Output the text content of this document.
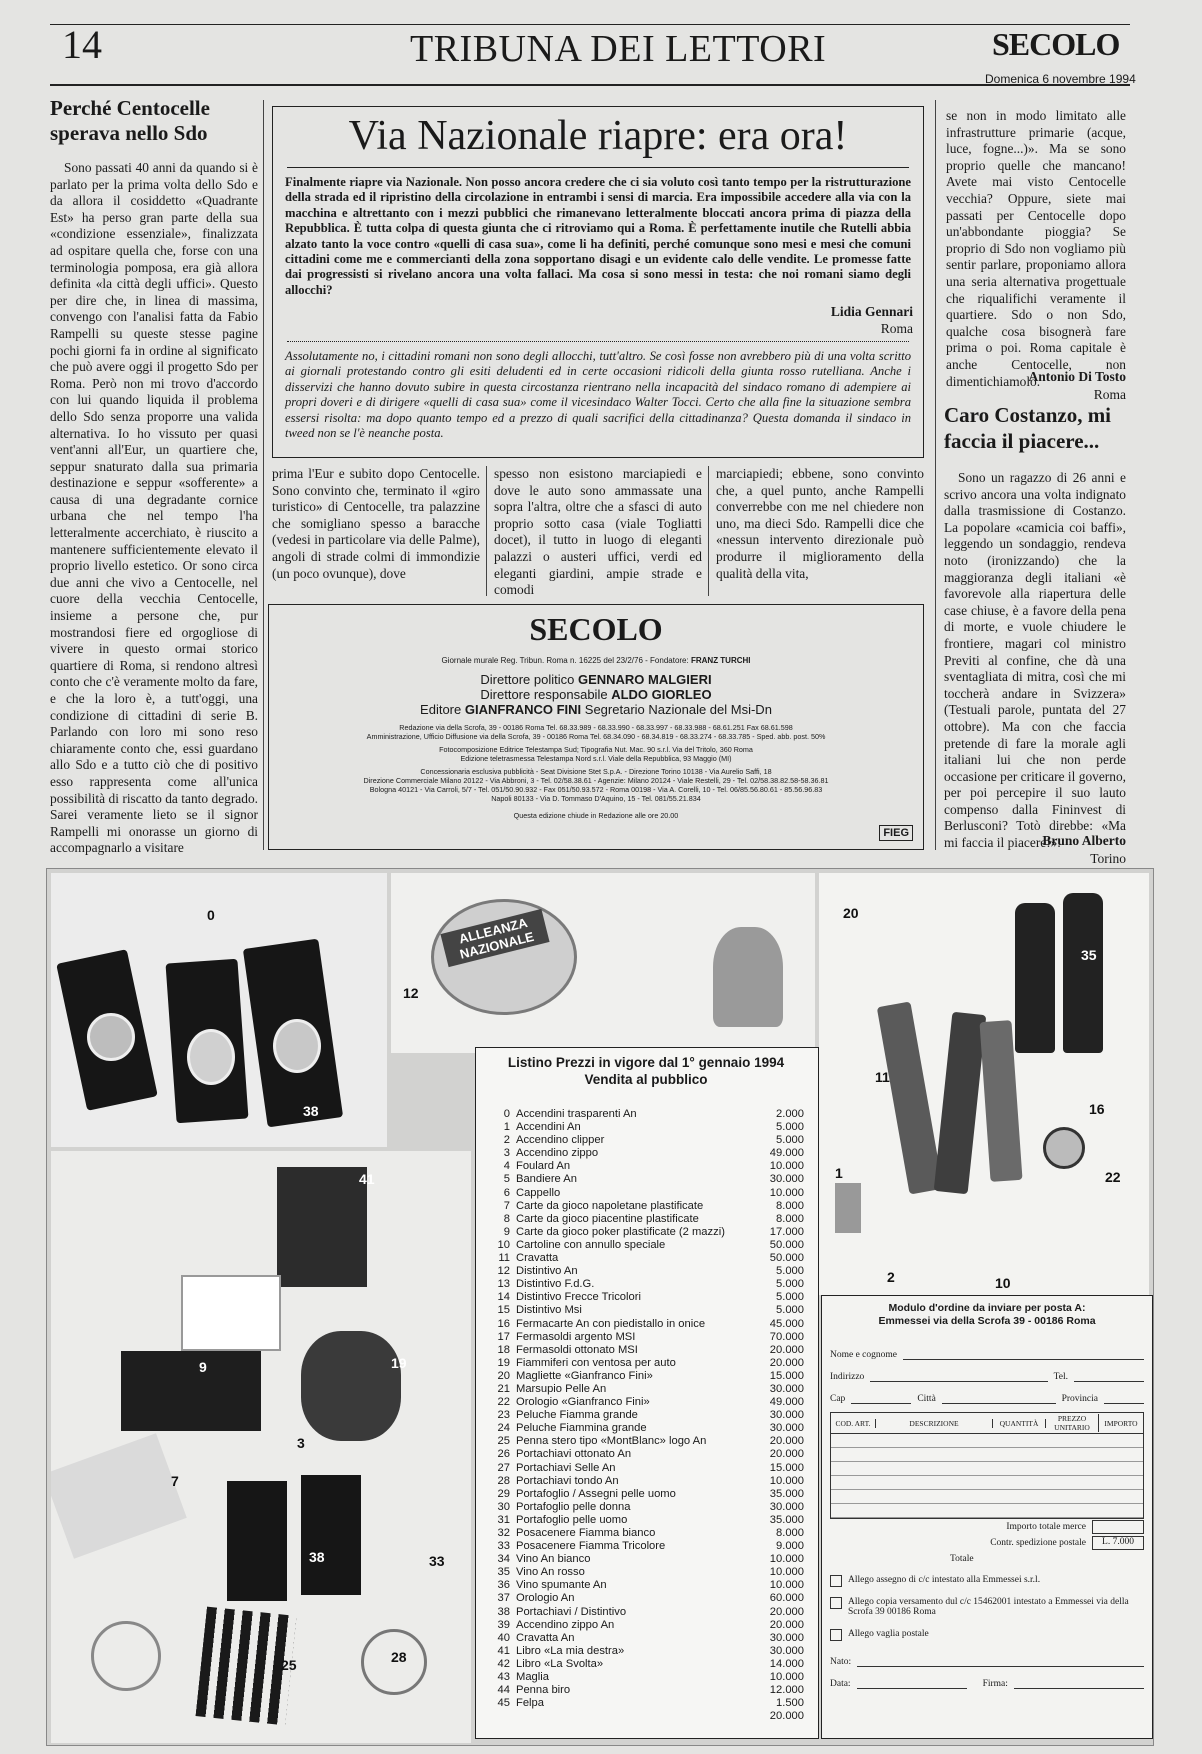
14	TRIBUNA DEI LETTORI	SECOLO
Domenica 6 novembre 1994
Perché Centocelle sperava nello Sdo

Sono passati 40 anni da quando si è parlato per la prima volta dello Sdo e da allora il cosiddetto «Quadrante Est» ha perso gran parte della sua «condizione essenziale», finalizzata ad ospitare quella che, forse con una terminologia pomposa, era già allora definita «la città degli uffici». Questo per dire che, in linea di massima, convengo con l'analisi fatta da Fabio Rampelli su queste stesse pagine pochi giorni fa in ordine al significato che può avere oggi il progetto Sdo per Roma. Però non mi trovo d'accordo con lui quando liquida il problema dello Sdo senza proporre una valida alternativa. Io ho vissuto per quasi vent'anni all'Eur, un quartiere che, seppur snaturato dalla sua primaria destinazione e seppur «sofferente» a causa di una degradante cornice urbana che nel tempo l'ha letteralmente accerchiato, è riuscito a mantenere sufficientemente elevato il proprio livello estetico. Or sono circa due anni che vivo a Centocelle, nel cuore della vecchia Centocelle, insieme a persone che, pur mostrandosi fiere ed orgogliose di vivere in questo ormai storico quartiere di Roma, si rendono altresì conto che c'è veramente molto da fare, e che la loro è, a tutt'oggi, una condizione di cittadini di serie B. Parlando con loro mi sono reso chiaramente conto che, essi guardano allo Sdo e a tutto ciò che di positivo esso rappresenta come all'unica possibilità di riscatto da tanto degrado. Sarei veramente lieto se il signor Rampelli mi onorasse un giorno di accompagnarlo a visitare

Via Nazionale riapre: era ora!

Finalmente riapre via Nazionale. Non posso ancora credere che ci sia voluto così tanto tempo per la ristrutturazione della strada ed il ripristino della circolazione in entrambi i sensi di marcia. Era impossibile accedere alla via con la macchina e altrettanto con i mezzi pubblici che rimanevano letteralmente bloccati ancora prima di piazza della Repubblica. È tutta colpa di questa giunta che ci ritroviamo qui a Roma. È perfettamente inutile che Rutelli abbia alzato tanto la voce contro «quelli di casa sua», come li ha definiti, perché comunque sono mesi e mesi che comuni cittadini come me e commercianti della zona sopportano disagi e un evidente calo delle vendite. Le promesse fatte dai progressisti si rivelano ancora una volta fallaci. Ma cosa si sono messi in testa: che noi romani siamo degli allocchi?

Lidia Gennari

Roma

Assolutamente no, i cittadini romani non sono degli allocchi, tutt'altro. Se così fosse non avrebbero più di una volta scritto ai giornali protestando contro gli esiti deludenti ed in certe occasioni ridicoli della giunta rosso rutelliana. Anche i disservizi che hanno dovuto subire in questa circostanza rientrano nella incapacità del sindaco romano di adempiere ai propri doveri e di dirigere «quelli di casa sua» come il vicesindaco Walter Tocci. Certo che alla fine la situazione sembra essersi risolta: ma dopo quanto tempo ed a prezzo di quali sacrifici della cittadinanza? Questa domanda il sindaco in tweed non se l'è neanche posta.

prima l'Eur e subito dopo Centocelle. Sono convinto che, terminato il «giro turistico» di Centocelle, tra palazzine che somigliano spesso a baracche (vedesi in particolare via delle Palme), angoli di strade colmi di immondizie (un poco ovunque), dove

spesso non esistono marciapiedi e dove le auto sono ammassate una sopra l'altra, oltre che a sfasci di auto proprio sotto casa (viale Togliatti docet), il tutto in luogo di eleganti palazzi o austeri uffici, verdi ed eleganti giardini, ampie strade e comodi

marciapiedi; ebbene, sono convinto che, a quel punto, anche Rampelli converrebbe con me nel chiedere non uno, ma dieci Sdo. Rampelli dice che «nessun intervento direzionale può produrre il miglioramento della qualità della vita,

se non in modo limitato alle infrastrutture primarie (acque, luce, fogne...)». Ma se sono proprio quelle che mancano! Avete mai visto Centocelle vecchia? Oppure, siete mai passati per Centocelle dopo un'abbondante pioggia? Se proprio di Sdo non vogliamo più sentir parlare, proponiamo allora una seria alternativa progettuale che riqualifichi veramente il quartiere. Sdo o non Sdo, qualche cosa bisognerà fare prima o poi. Roma capitale è anche Centocelle, non dimentichiamolo.

Antonio Di Tosto

Roma

Caro Costanzo, mi faccia il piacere...

Sono un ragazzo di 26 anni e scrivo ancora una volta indignato dalla trasmissione di Costanzo. La popolare «camicia coi baffi», leggendo un sondaggio, rendeva noto (ironizzando) che la maggioranza degli italiani «è favorevole alla riapertura delle case chiuse, è a favore della pena di morte, e vuole chiudere le frontiere, magari col ministro Previti al confine, che dà una sventagliata di mitra, così che mi toccherà andare in Svizzera» (Testuali parole, puntata del 27 ottobre). Ma con che faccia pretende di fare la morale agli italiani lui che non perde occasione per criticare il governo, per poi percepire il suo lauto compenso dalla Fininvest di Berlusconi? Totò direbbe: «Ma mi faccia il piacere!».

Bruno Alberto

Torino

SECOLO
Giornale murale Reg. Tribun. Roma n. 16225 del 23/2/76 - Fondatore: FRANZ TURCHI
Direttore politico GENNARO MALGIERI
Direttore responsabile ALDO GIORLEO
Editore GIANFRANCO FINI Segretario Nazionale del Msi-Dn
Redazione via della Scrofa, 39 - 00186 Roma Tel. 68.33.989 - 68.33.990 - 68.33.997 - 68.33.988 - 68.61.251 Fax 68.61.598
Amministrazione, Ufficio Diffusione via della Scrofa, 39 - 00186 Roma Tel. 68.34.090 - 68.34.819 - 68.33.274 - 68.33.785 - Sped. abb. post. 50%
Fotocomposizione Editrice Telestampa Sud; Tipografia Nut. Mac. 90 s.r.l. Via del Tritolo, 360 Roma
Edizione teletrasmessa Telestampa Nord s.r.l. Viale della Repubblica, 93 Maggio (MI)
Concessionaria esclusiva pubblicità - Seat Divisione Stet S.p.A. - Direzione Torino 10138 - Via Aurelio Saffi, 18
Direzione Commerciale Milano 20122 - Via Abbroni, 3 - Tel. 02/58.38.61 - Agenzie: Milano 20124 - Viale Restelli, 29 - Tel. 02/58.38.82.58-58.36.81
Bologna 40121 - Via Carroli, 5/7 - Tel. 051/50.90.932 - Fax 051/50.93.572 - Roma 00198 - Via A. Corelli, 10 - Tel. 06/85.56.80.61 - 85.56.96.83
Napoli 80133 - Via D. Tommaso D'Aquino, 15 - Tel. 081/55.21.834
Questa edizione chiude in Redazione alle ore 20.00
FIEG
0
38
ALLEANZA NAZIONALE
12
20
35
11
16
1	22
2	10
41
9	19
3
7
38	33
25	28
Listino Prezzi in vigore dal 1° gennaio 1994
Vendita al pubblico
0 Accendini trasparenti An	2.000
1 Accendini An	5.000
2 Accendino clipper	5.000
3 Accendino zippo	49.000
4 Foulard An	10.000
5 Bandiere An	30.000
6 Cappello	10.000
7 Carte da gioco napoletane plastificate	8.000
8 Carte da gioco piacentine plastificate	8.000
9 Carte da gioco poker plastificate (2 mazzi)	17.000
10 Cartoline con annullo speciale	50.000
11 Cravatta	50.000
12 Distintivo An	5.000
13 Distintivo F.d.G.	5.000
14 Distintivo Frecce Tricolori	5.000
15 Distintivo Msi	5.000
16 Fermacarte An con piedistallo in onice	45.000
17 Fermasoldi argento MSI	70.000
18 Fermasoldi ottonato MSI	20.000
19 Fiammiferi con ventosa per auto	20.000
20 Magliette «Gianfranco Fini»	15.000
21 Marsupio Pelle An	30.000
22 Orologio «Gianfranco Fini»	49.000
23 Peluche Fiamma grande	30.000
24 Peluche Fiammina grande	30.000
25 Penna stero tipo «MontBlanc» logo An	20.000
26 Portachiavi ottonato An	20.000
27 Portachiavi Selle An	15.000
28 Portachiavi tondo An	10.000
29 Portafoglio / Assegni pelle uomo	35.000
30 Portafoglio pelle donna	30.000
31 Portafoglio pelle uomo	35.000
32 Posacenere Fiamma bianco	8.000
33 Posacenere Fiamma Tricolore	9.000
34 Vino An bianco	10.000
35 Vino An rosso	10.000
36 Vino spumante An	10.000
37 Orologio An	60.000
38 Portachiavi / Distintivo	20.000
39 Accendino zippo An	20.000
40 Cravatta An	30.000
41 Libro «La mia destra»	30.000
42 Libro «La Svolta»	14.000
43 Maglia	10.000
44 Penna biro	12.000
45 Felpa	1.500
20.000
Modulo d'ordine da inviare per posta A:
Emmessei via della Scrofa 39 - 00186 Roma
Nome e cognome
Indirizzo	Tel.
Cap	Città	Provincia
COD. ART.	DESCRIZIONE	QUANTITÀ	PREZZO UNITARIO	IMPORTO
Importo totale merce
Contr. spedizione postale	L. 7.000
Totale
Allego assegno di c/c intestato alla Emmessei s.r.l.
Allego copia versamento dul c/c 15462001 intestato a Emmessei via della Scrofa 39 00186 Roma
Allego vaglia postale
Nato:
Data:	Firma:
